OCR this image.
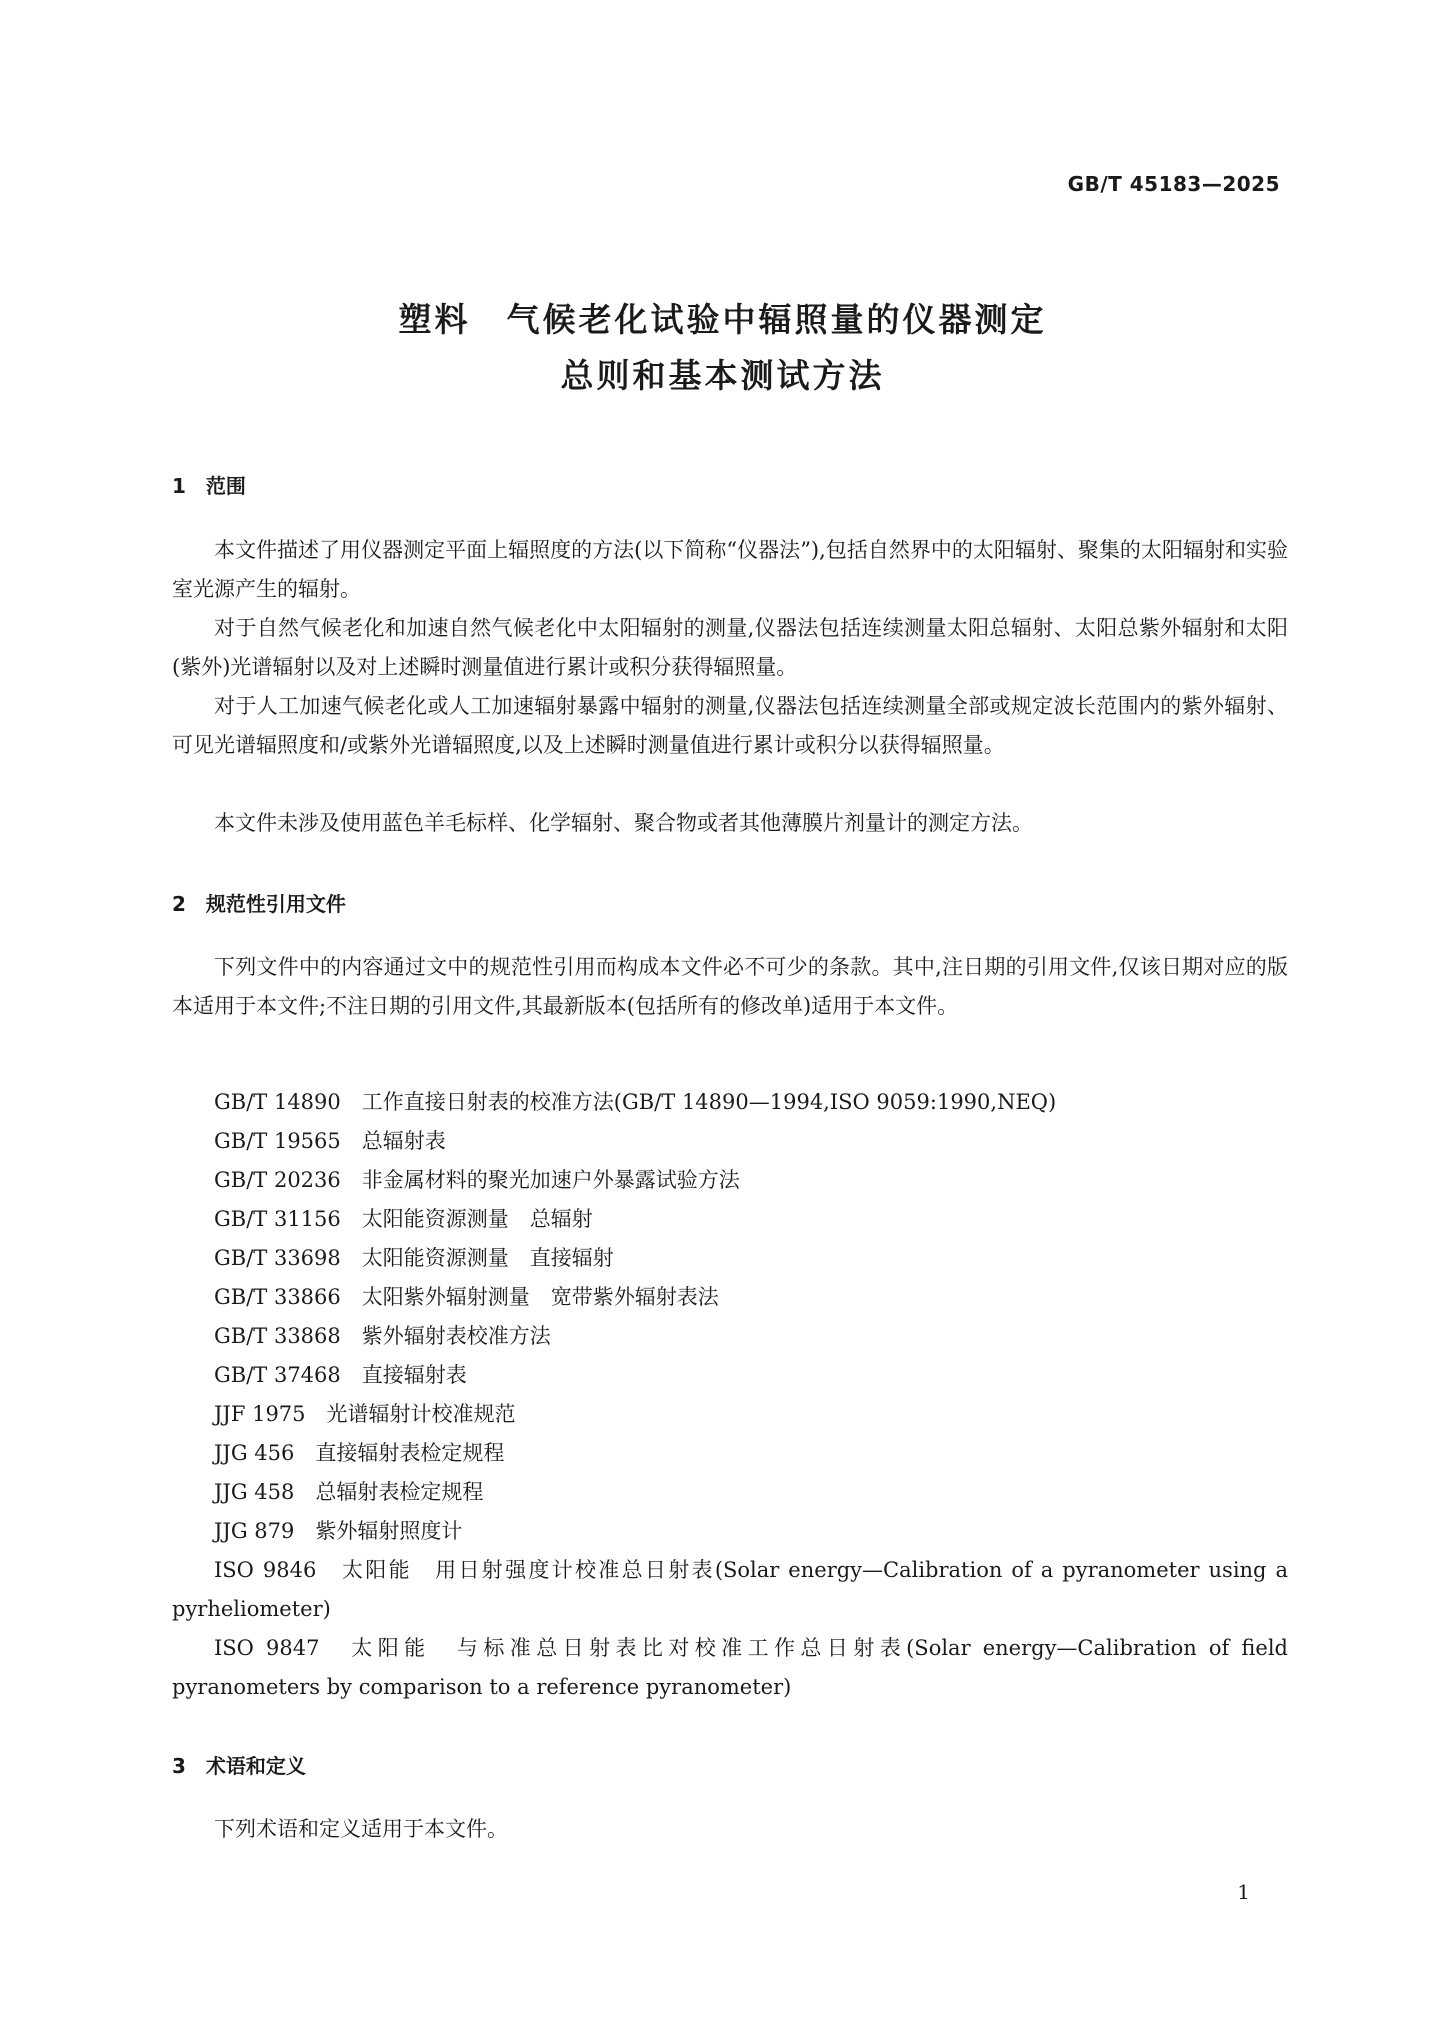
GB/T 45183—2025
塑料　气候老化试验中辐照量的仪器测定
总则和基本测试方法
1　范围

本文件描述了用仪器测定平面上辐照度的方法(以下简称“仪器法”),包括自然界中的太阳辐射、聚集的太阳辐射和实验室光源产生的辐射。

对于自然气候老化和加速自然气候老化中太阳辐射的测量,仪器法包括连续测量太阳总辐射、太阳总紫外辐射和太阳(紫外)光谱辐射以及对上述瞬时测量值进行累计或积分获得辐照量。

对于人工加速气候老化或人工加速辐射暴露中辐射的测量,仪器法包括连续测量全部或规定波长范围内的紫外辐射、可见光谱辐照度和/或紫外光谱辐照度,以及上述瞬时测量值进行累计或积分以获得辐照量。

本文件未涉及使用蓝色羊毛标样、化学辐射、聚合物或者其他薄膜片剂量计的测定方法。

2　规范性引用文件

下列文件中的内容通过文中的规范性引用而构成本文件必不可少的条款。其中,注日期的引用文件,仅该日期对应的版本适用于本文件;不注日期的引用文件,其最新版本(包括所有的修改单)适用于本文件。

GB/T 14890　 工作直接日射表的校准方法(GB/T 14890—1994,ISO 9059:1990,NEQ)
GB/T 19565　 总辐射表
GB/T 20236　 非金属材料的聚光加速户外暴露试验方法
GB/T 31156　 太阳能资源测量　总辐射
GB/T 33698　 太阳能资源测量　直接辐射
GB/T 33866　 太阳紫外辐射测量　宽带紫外辐射表法
GB/T 33868　 紫外辐射表校准方法
GB/T 37468　 直接辐射表
JJF 1975　 光谱辐射计校准规范
JJG 456　 直接辐射表检定规程
JJG 458　 总辐射表检定规程
JJG 879　 紫外辐射照度计
ISO 9846　 太阳能　用日射强度计校准总日射表(Solar energy—Calibration of a pyranometer using a pyrheliometer)
ISO 9847　 太阳能　与标准总日射表比对校准工作总日射表(Solar energy—Calibration of field pyranometers by comparison to a reference pyranometer)
3　术语和定义

下列术语和定义适用于本文件。

1
